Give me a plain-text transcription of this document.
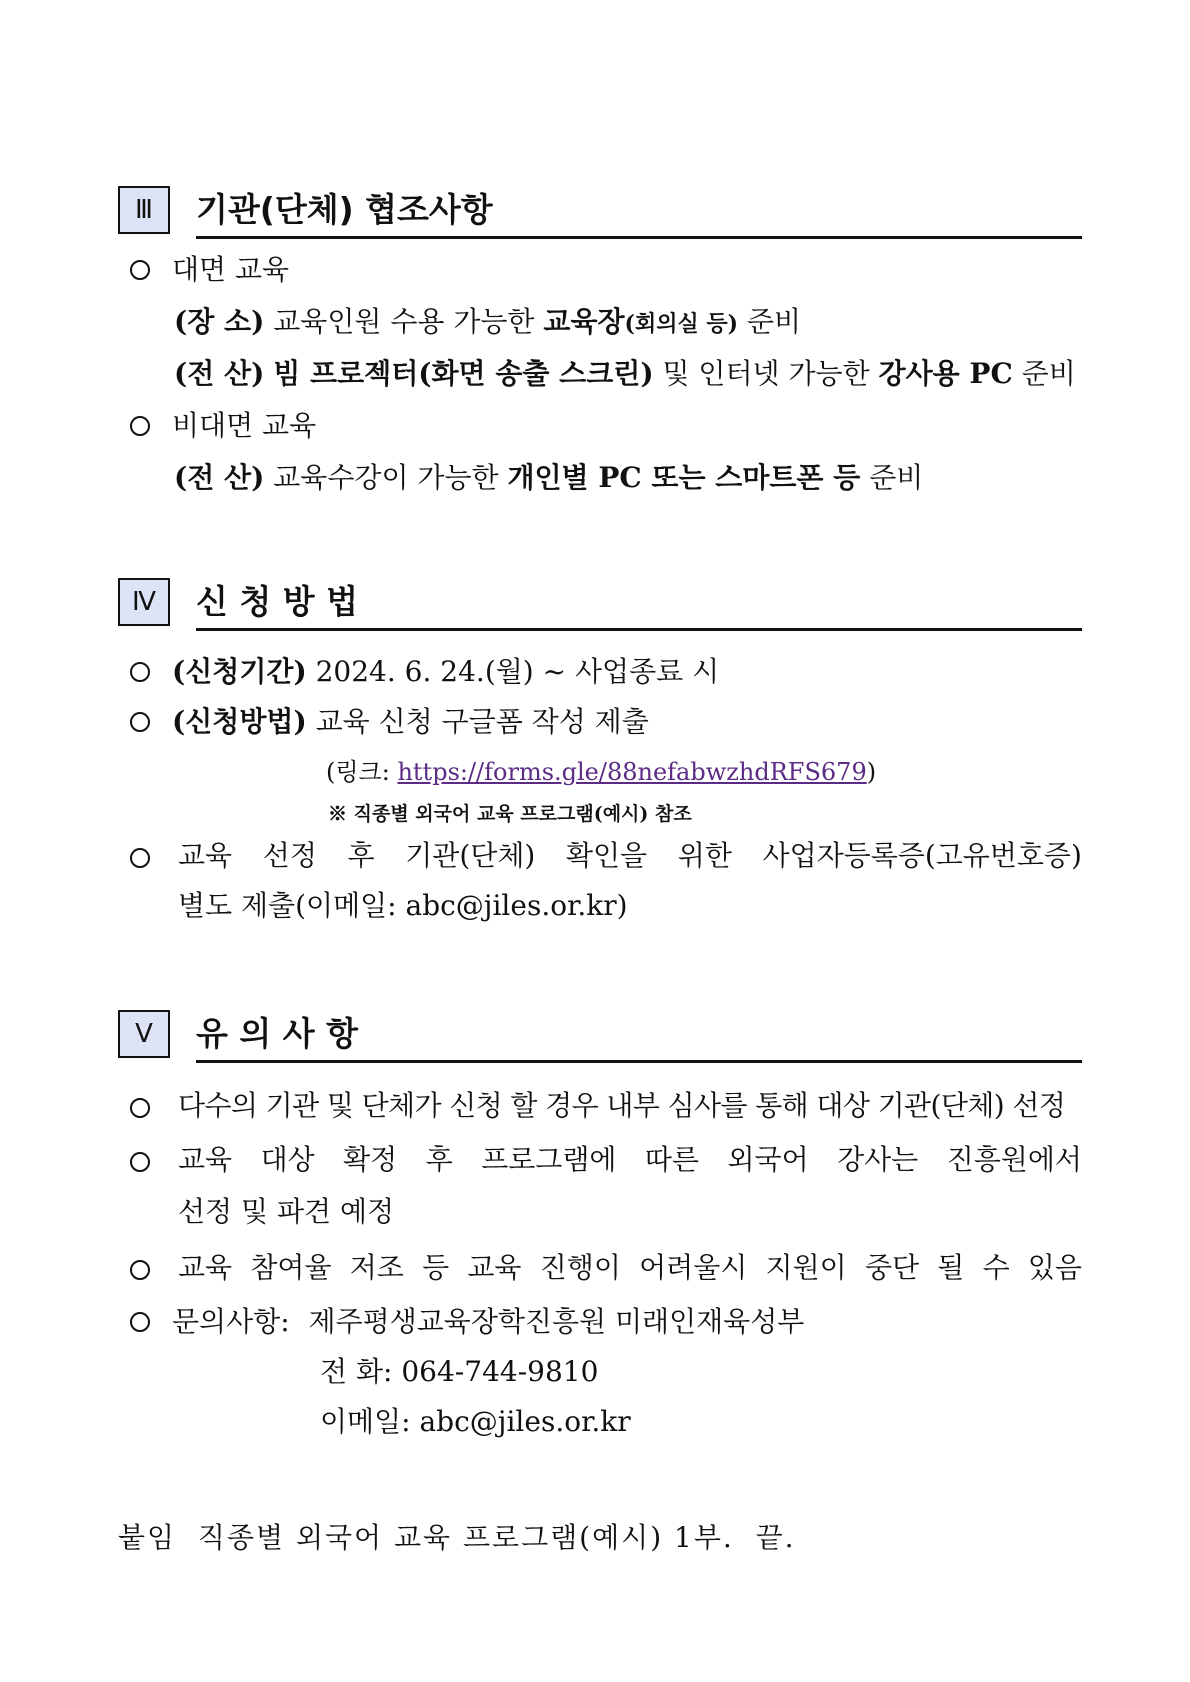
Ⅲ	기관(단체) 협조사항
대면 교육
(장 소) 교육인원 수용 가능한 교육장(회의실 등) 준비
(전 산) 빔 프로젝터(화면 송출 스크린) 및 인터넷 가능한 강사용 PC 준비
비대면 교육
(전 산) 교육수강이 가능한 개인별 PC 또는 스마트폰 등 준비
Ⅳ	신 청 방 법
(신청기간) 2024. 6. 24.(월) ~ 사업종료 시
(신청방법) 교육 신청 구글폼 작성 제출
(링크: https://forms.gle/88nefabwzhdRFS679)
※ 직종별 외국어 교육 프로그램(예시) 참조
교육 선정 후 기관(단체) 확인을 위한 사업자등록증(고유번호증)
별도 제출(이메일: abc@jiles.or.kr)
Ⅴ	유 의 사 항
다수의 기관 및 단체가 신청 할 경우 내부 심사를 통해 대상 기관(단체) 선정
교육 대상 확정 후 프로그램에 따른 외국어 강사는 진흥원에서
선정 및 파견 예정
교육 참여율 저조 등 교육 진행이 어려울시 지원이 중단 될 수 있음
문의사항: 제주평생교육장학진흥원 미래인재육성부
전 화: 064-744-9810
이메일: abc@jiles.or.kr
붙임  직종별 외국어 교육 프로그램(예시) 1부.  끝.
